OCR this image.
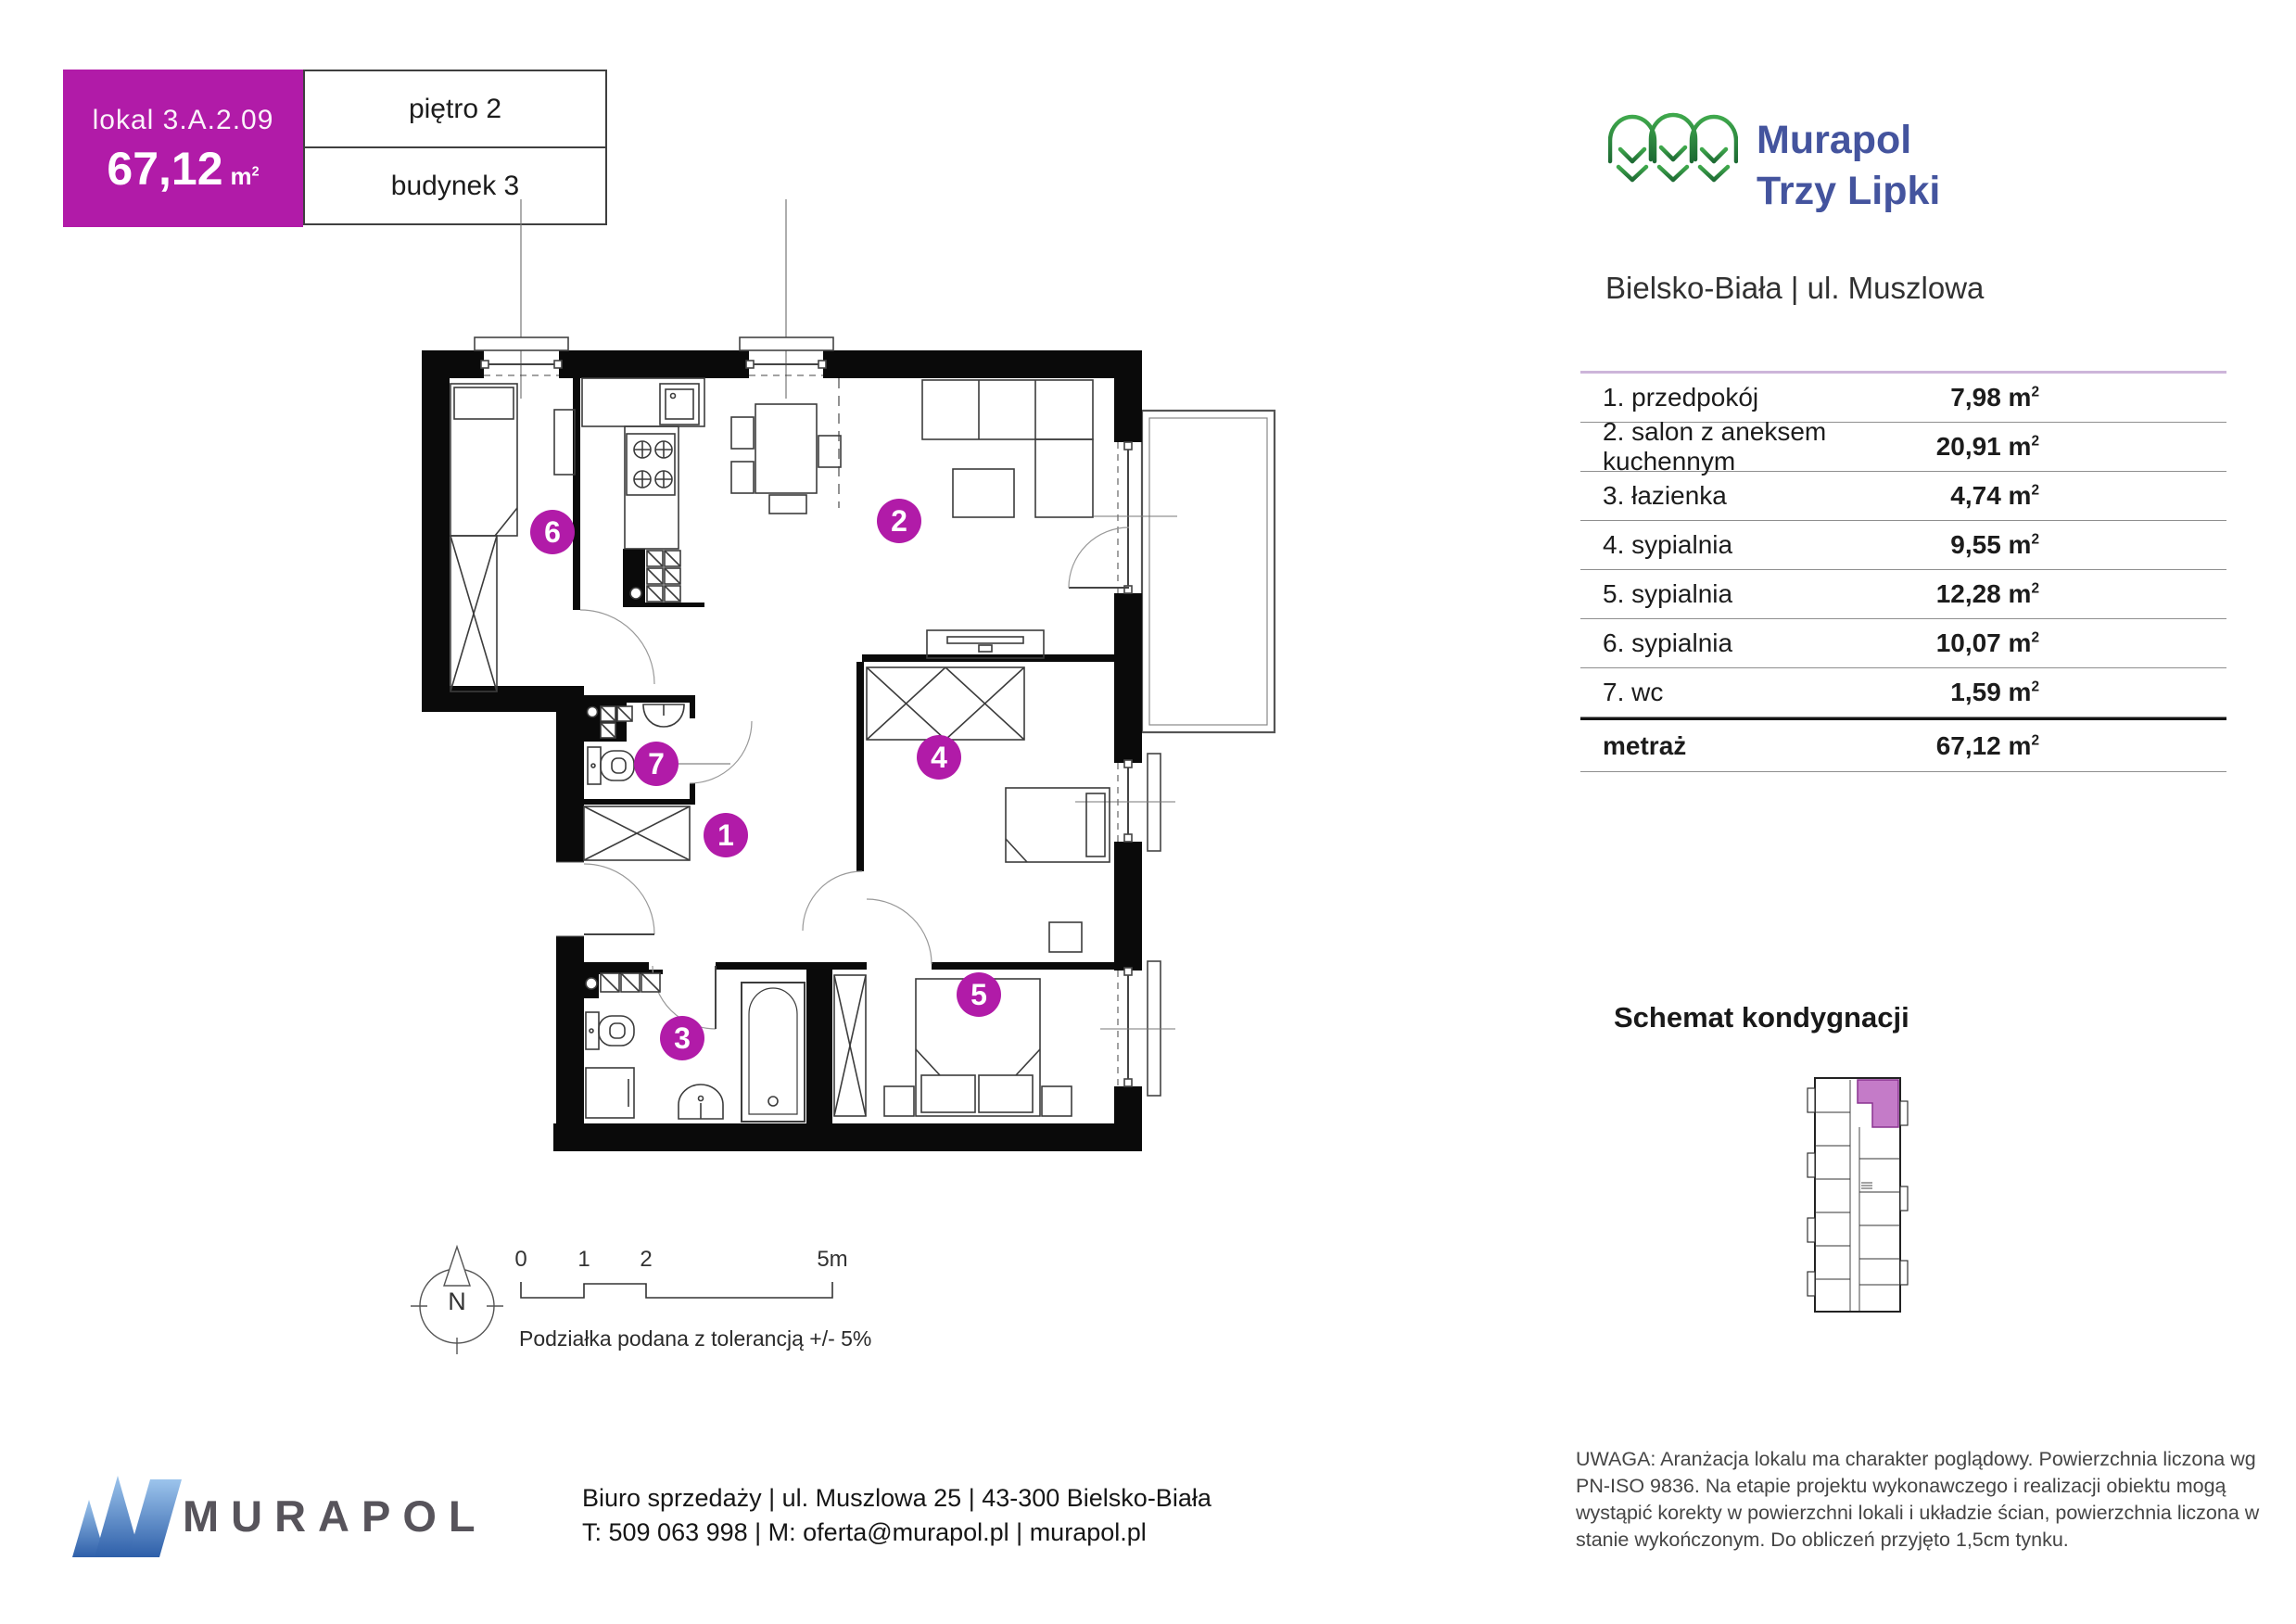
lokal 3.A.2.09
67,12 $m^2$
piętro 2
budynek 3
Murapol
Trzy Lipki
Bielsko-Biała | ul. Muszlowa
1. przedpokój	7,98 $m^2$
2. salon z aneksem kuchennym
20,91 $m^2$
3. łazienka	4,74 $m^2$
4. sypialnia	9,55 $m^2$
5. sypialnia	12,28 $m^2$
6. sypialnia	10,07 $m^2$
7. wc	1,59 $m^2$
metraż	67,12 $m^2$
1
2
3
4
5
6
7
N
0 1 2	5m
Podziałka podana z tolerancją +/- 5%
Schemat kondygnacji
MURAPOL	Biuro sprzedaży | ul. Muszlowa 25 | 43-300 Bielsko-Biała
T: 509 063 998 | M: oferta@murapol.pl | murapol.pl
UWAGA: Aranżacja lokalu ma charakter poglądowy. Powierzchnia liczona wg PN-ISO 9836. Na etapie projektu wykonawczego i realizacji obiektu mogą wystąpić korekty w powierzchni lokali i układzie ścian, powierzchnia liczona w stanie wykończonym. Do obliczeń przyjęto 1,5cm tynku.
